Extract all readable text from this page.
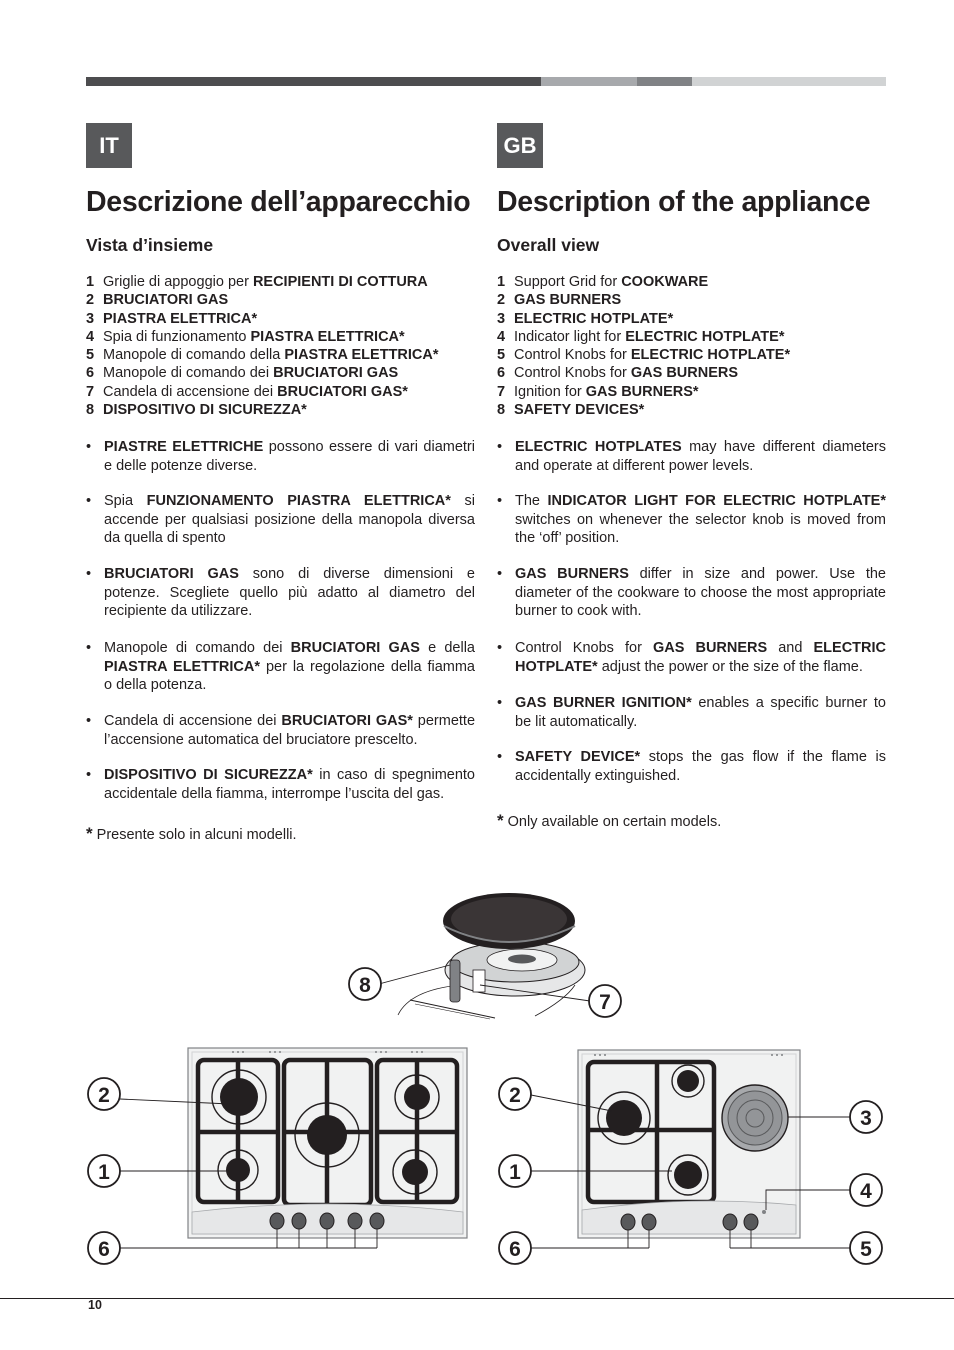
IT
Descrizione dell’apparecchio
Vista d’insieme
1 Griglie di appoggio per RECIPIENTI DI COTTURA
2 BRUCIATORI GAS
3 PIASTRA ELETTRICA*
4 Spia di funzionamento PIASTRA ELETTRICA*
5 Manopole di comando della PIASTRA ELETTRICA*
6 Manopole di comando dei BRUCIATORI GAS
7 Candela di accensione dei BRUCIATORI GAS*
8 DISPOSITIVO DI SICUREZZA*
• PIASTRE ELETTRICHE possono essere di vari diametri e delle potenze diverse.
• Spia FUNZIONAMENTO PIASTRA ELETTRICA* si accende per qualsiasi posizione della manopola diversa da quella di spento
• BRUCIATORI GAS sono di diverse dimensioni e potenze. Scegliete quello più adatto al diametro del recipiente da utilizzare.
• Manopole di comando dei BRUCIATORI GAS e della PIASTRA ELETTRICA* per la regolazione della fiamma o della potenza.
• Candela di accensione dei BRUCIATORI GAS* permette l’accensione automatica del bruciatore prescelto.
• DISPOSITIVO DI SICUREZZA* in caso di spegnimento accidentale della fiamma, interrompe l’uscita del gas.
* Presente solo in alcuni modelli.
GB
Description of the appliance
Overall view
1 Support Grid for COOKWARE
2 GAS BURNERS
3 ELECTRIC HOTPLATE*
4 Indicator light for ELECTRIC HOTPLATE*
5 Control Knobs for ELECTRIC HOTPLATE*
6 Control Knobs for GAS BURNERS
7 Ignition for GAS BURNERS*
8 SAFETY DEVICES*
• ELECTRIC HOTPLATES may have different diameters and operate at different power levels.
• The INDICATOR LIGHT FOR ELECTRIC HOTPLATE* switches on whenever the selector knob is moved from the ‘off’ position.
• GAS BURNERS differ in size and power. Use the diameter of the cookware to choose the most appropriate burner to cook with.
• Control Knobs for GAS BURNERS and ELECTRIC HOTPLATE* adjust the power or the size of the flame.
• GAS BURNER IGNITION* enables a specific burner to be lit automatically.
• SAFETY DEVICE* stops the gas flow if the flame is accidentally extinguished.
* Only available on certain models.
8
7
2
1
6
2
1
6
3
4
5
10
